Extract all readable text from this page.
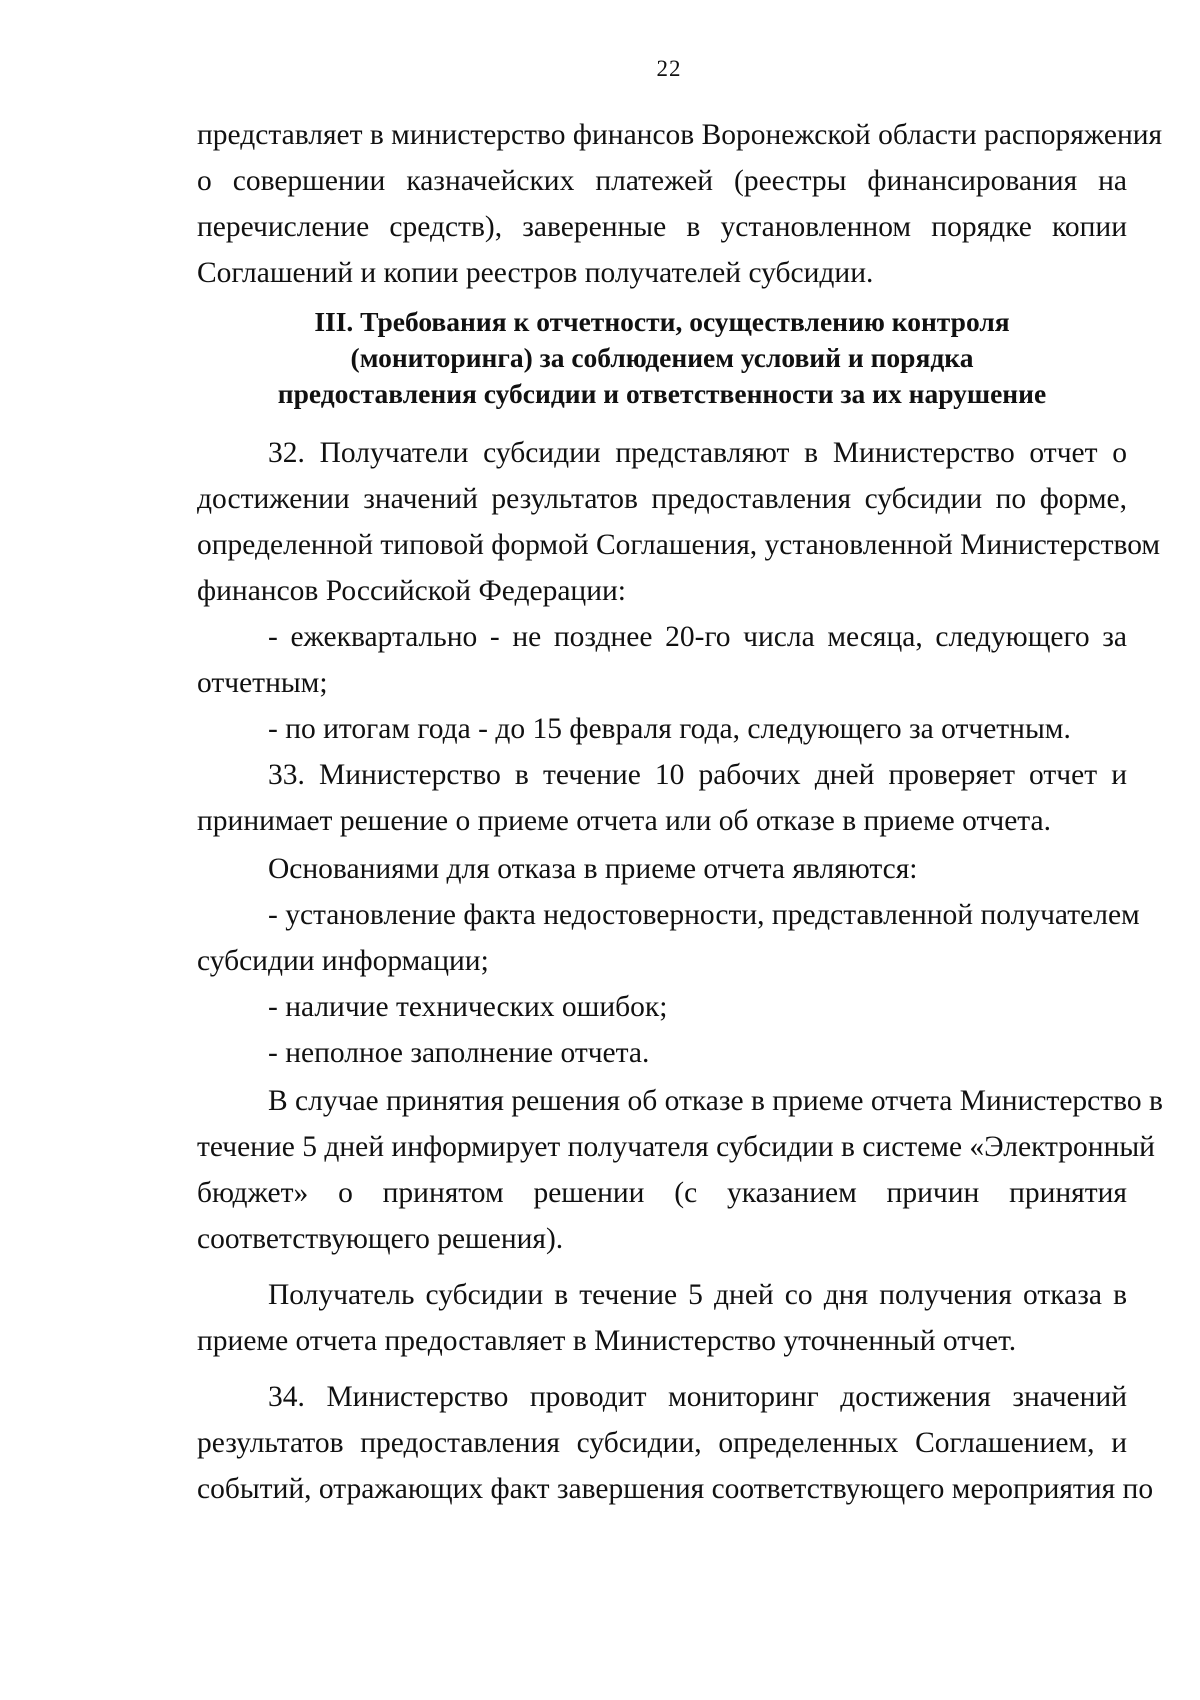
22
представляет в министерство финансов Воронежской области распоряжения
о совершении казначейских платежей (реестры финансирования на
перечисление средств), заверенные в установленном порядке копии
Соглашений и копии реестров получателей субсидии.
III. Требования к отчетности, осуществлению контроля
(мониторинга) за соблюдением условий и порядка
предоставления субсидии и ответственности за их нарушение
32. Получатели субсидии представляют в Министерство отчет о
достижении значений результатов предоставления субсидии по форме,
определенной типовой формой Соглашения, установленной Министерством
финансов Российской Федерации:
- ежеквартально - не позднее 20-го числа месяца, следующего за
отчетным;
- по итогам года - до 15 февраля года, следующего за отчетным.
33. Министерство в течение 10 рабочих дней проверяет отчет и
принимает решение о приеме отчета или об отказе в приеме отчета.
Основаниями для отказа в приеме отчета являются:
- установление факта недостоверности, представленной получателем
субсидии информации;
- наличие технических ошибок;
- неполное заполнение отчета.
В случае принятия решения об отказе в приеме отчета Министерство в
течение 5 дней информирует получателя субсидии в системе «Электронный
бюджет» о принятом решении (с указанием причин принятия
соответствующего решения).
Получатель субсидии в течение 5 дней со дня получения отказа в
приеме отчета предоставляет в Министерство уточненный отчет.
34. Министерство проводит мониторинг достижения значений
результатов предоставления субсидии, определенных Соглашением, и
событий, отражающих факт завершения соответствующего мероприятия по
